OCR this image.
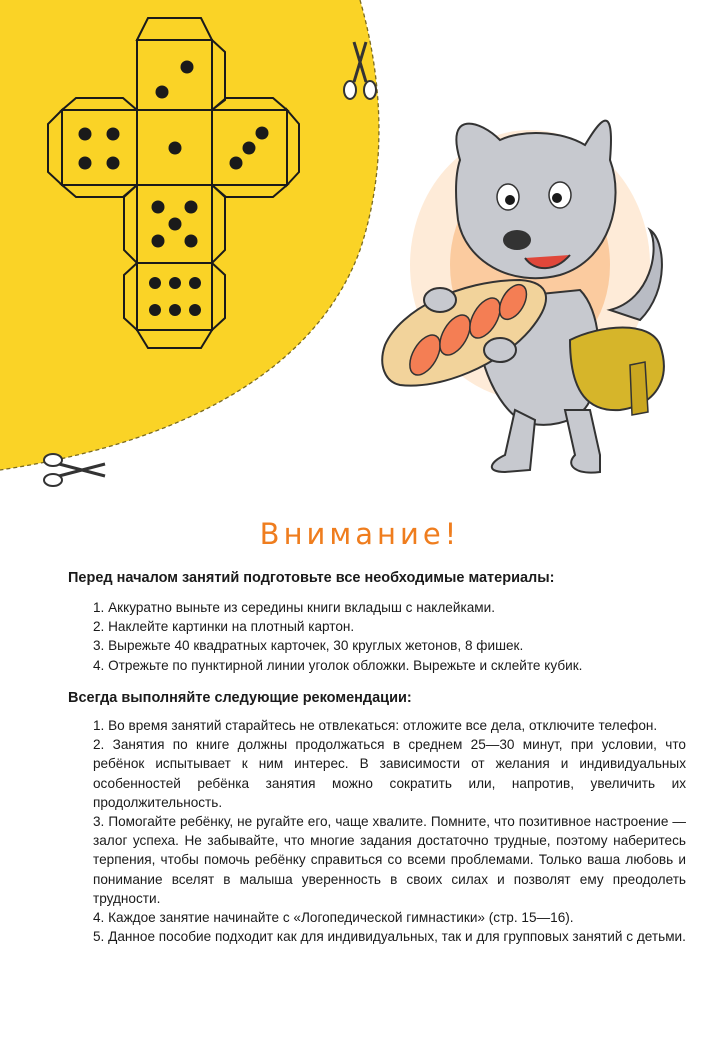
Внимание!
Перед началом занятий подготовьте все необходимые материалы:
1. Аккуратно выньте из середины книги вкладыш с наклейками.
2. Наклейте картинки на плотный картон.
3. Вырежьте 40 квадратных карточек, 30 круглых жетонов, 8 фишек.
4. Отрежьте по пунктирной линии уголок обложки. Вырежьте и склейте кубик.
Всегда выполняйте следующие рекомендации:
1. Во время занятий старайтесь не отвлекаться: отложите все дела, отключите телефон.
2. Занятия по книге должны продолжаться в среднем 25—30 минут, при условии, что ребёнок испытывает к ним интерес. В зависимости от желания и индивидуальных особенностей ребёнка занятия можно сократить или, напротив, увеличить их продолжительность.
3. Помогайте ребёнку, не ругайте его, чаще хвалите. Помните, что позитивное настроение — залог успеха. Не забывайте, что многие задания достаточно трудные, поэтому наберитесь терпения, чтобы помочь ребёнку справиться со всеми проблемами. Только ваша любовь и понимание вселят в малыша уверенность в своих силах и позволят ему преодолеть трудности.
4. Каждое занятие начинайте с «Логопедической гимнастики» (стр. 15—16).
5. Данное пособие подходит как для индивидуальных, так и для групповых занятий с детьми.
